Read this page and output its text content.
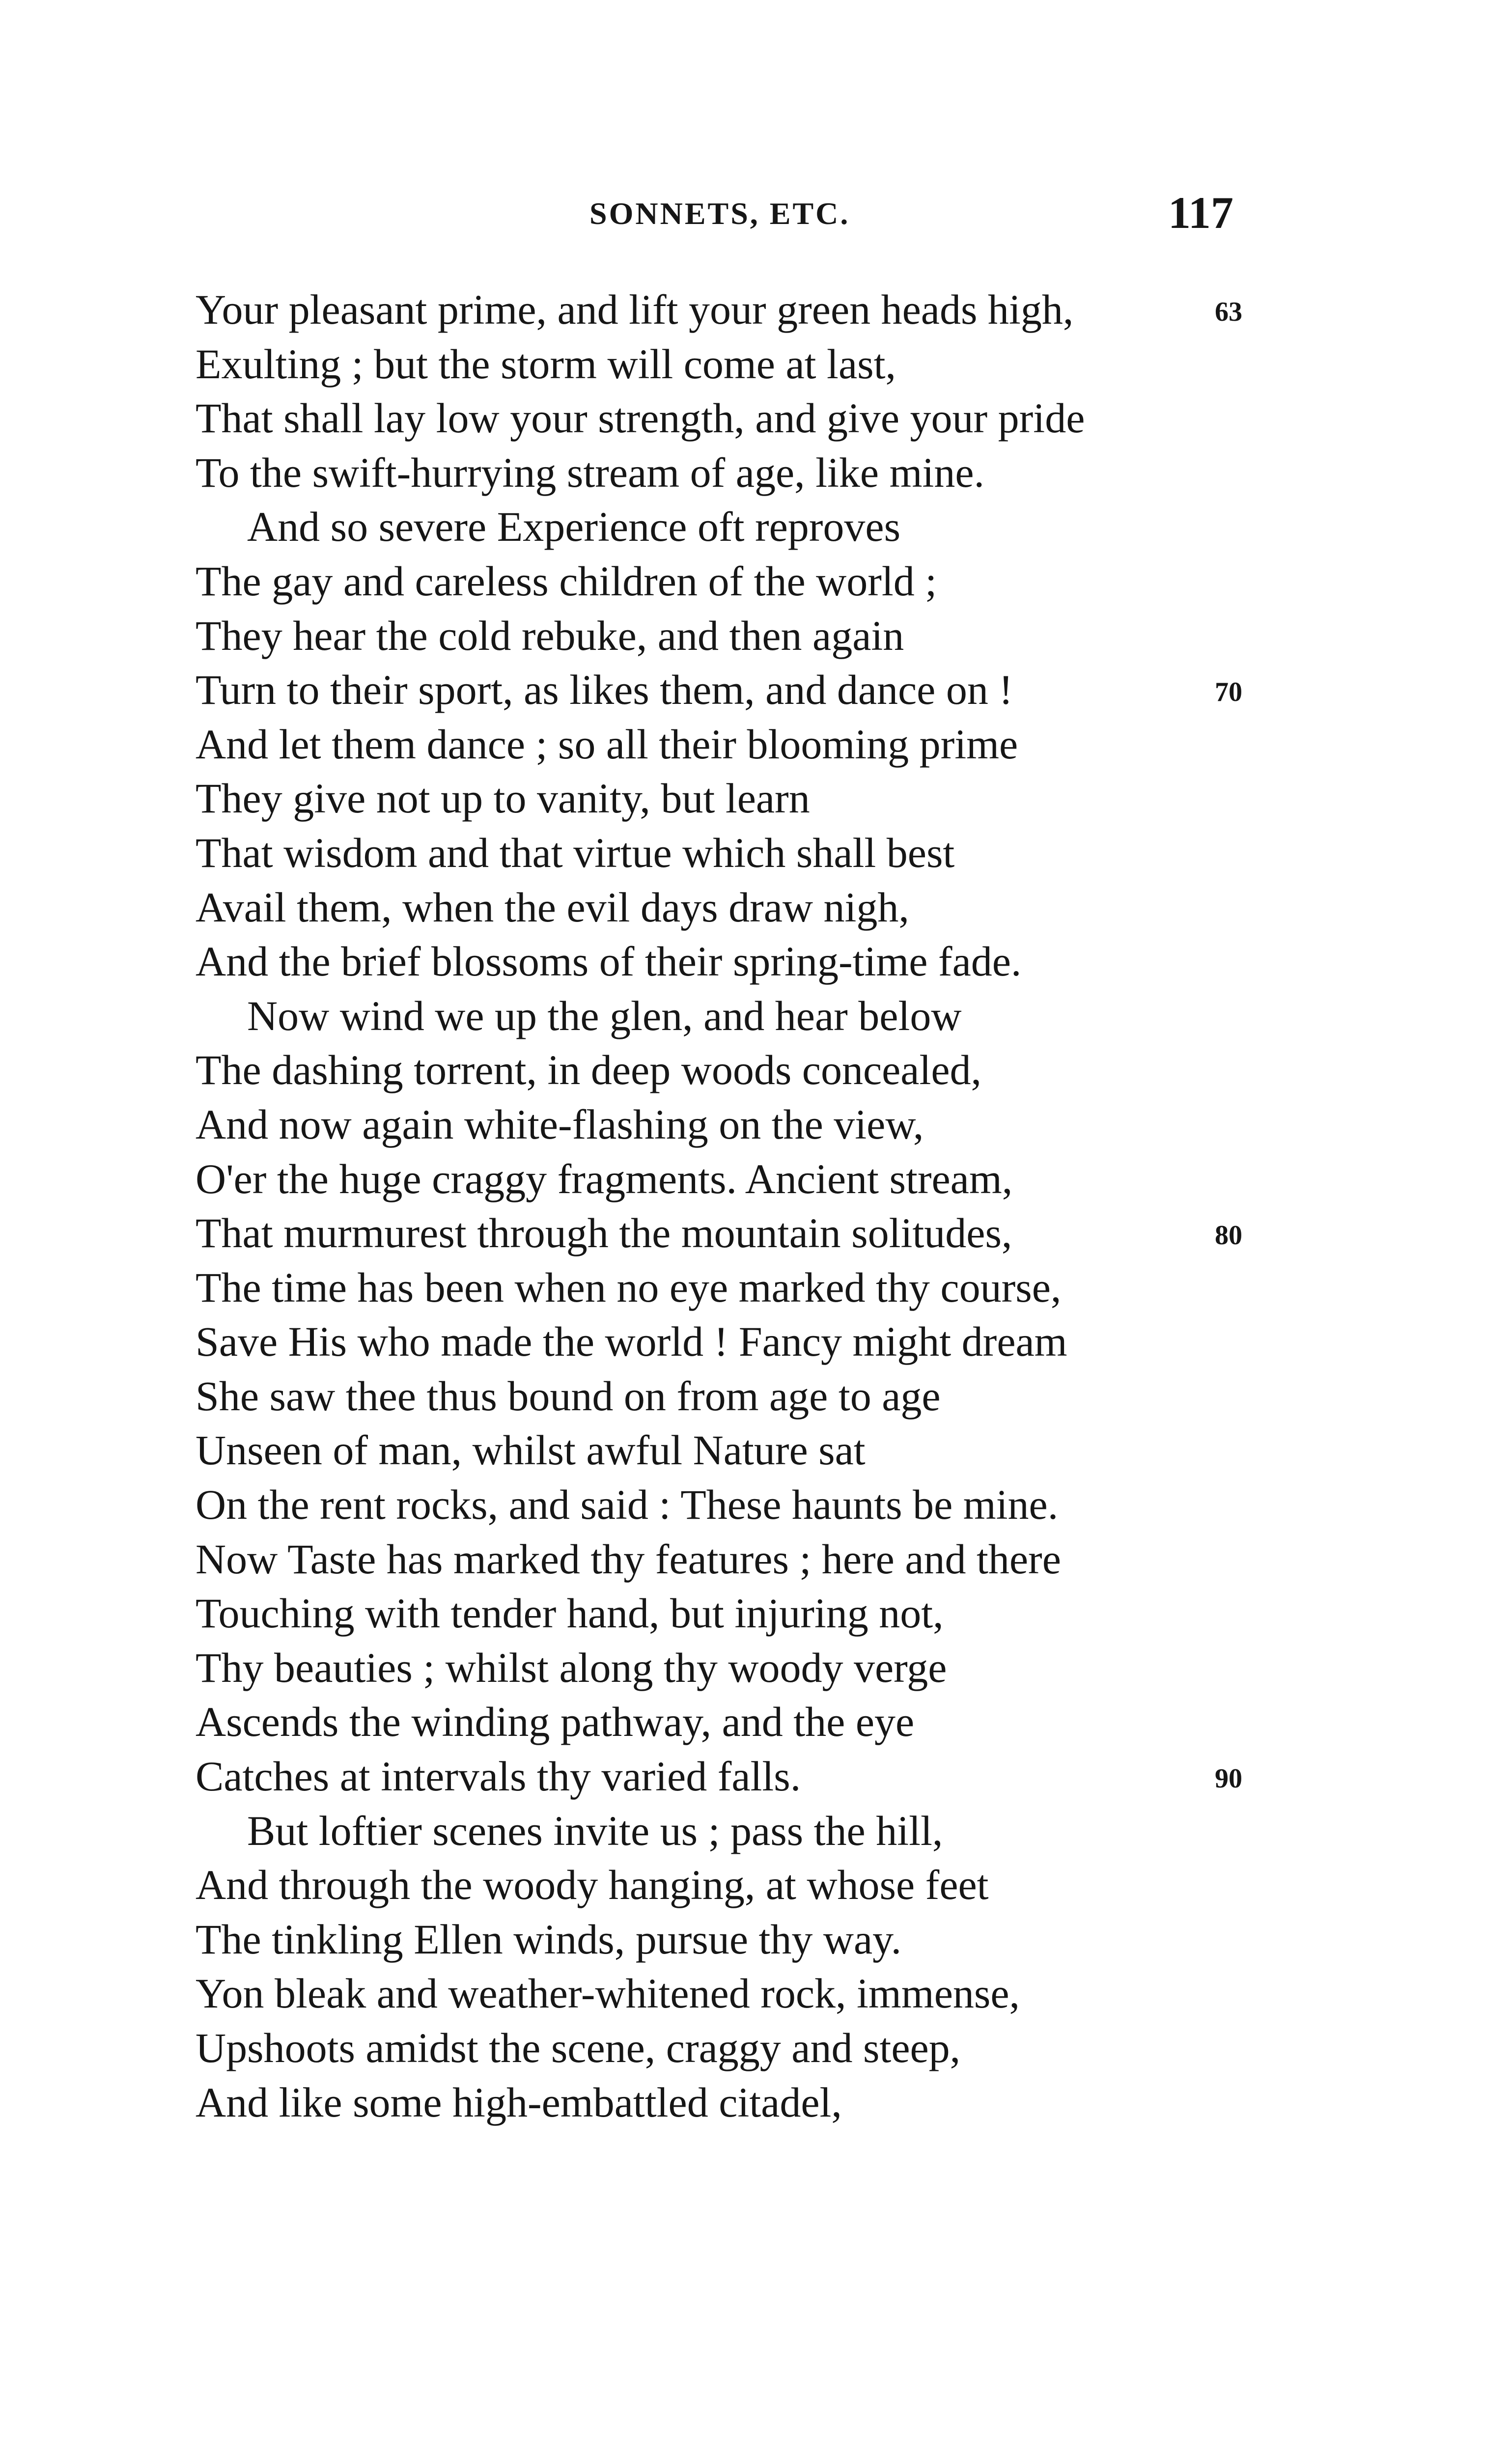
SONNETS, ETC.	117
Your pleasant prime, and lift your green heads high,	63
Exulting ; but the storm will come at last,
That shall lay low your strength, and give your pride
To the swift-hurrying stream of age, like mine.
And so severe Experience oft reproves
The gay and careless children of the world ;
They hear the cold rebuke, and then again
Turn to their sport, as likes them, and dance on !	70
And let them dance ; so all their blooming prime
They give not up to vanity, but learn
That wisdom and that virtue which shall best
Avail them, when the evil days draw nigh,
And the brief blossoms of their spring-time fade.
Now wind we up the glen, and hear below
The dashing torrent, in deep woods concealed,
And now again white-flashing on the view,
O'er the huge craggy fragments. Ancient stream,
That murmurest through the mountain solitudes,	80
The time has been when no eye marked thy course,
Save His who made the world ! Fancy might dream
She saw thee thus bound on from age to age
Unseen of man, whilst awful Nature sat
On the rent rocks, and said : These haunts be mine.
Now Taste has marked thy features ; here and there
Touching with tender hand, but injuring not,
Thy beauties ; whilst along thy woody verge
Ascends the winding pathway, and the eye
Catches at intervals thy varied falls.	90
But loftier scenes invite us ; pass the hill,
And through the woody hanging, at whose feet
The tinkling Ellen winds, pursue thy way.
Yon bleak and weather-whitened rock, immense,
Upshoots amidst the scene, craggy and steep,
And like some high-embattled citadel,
